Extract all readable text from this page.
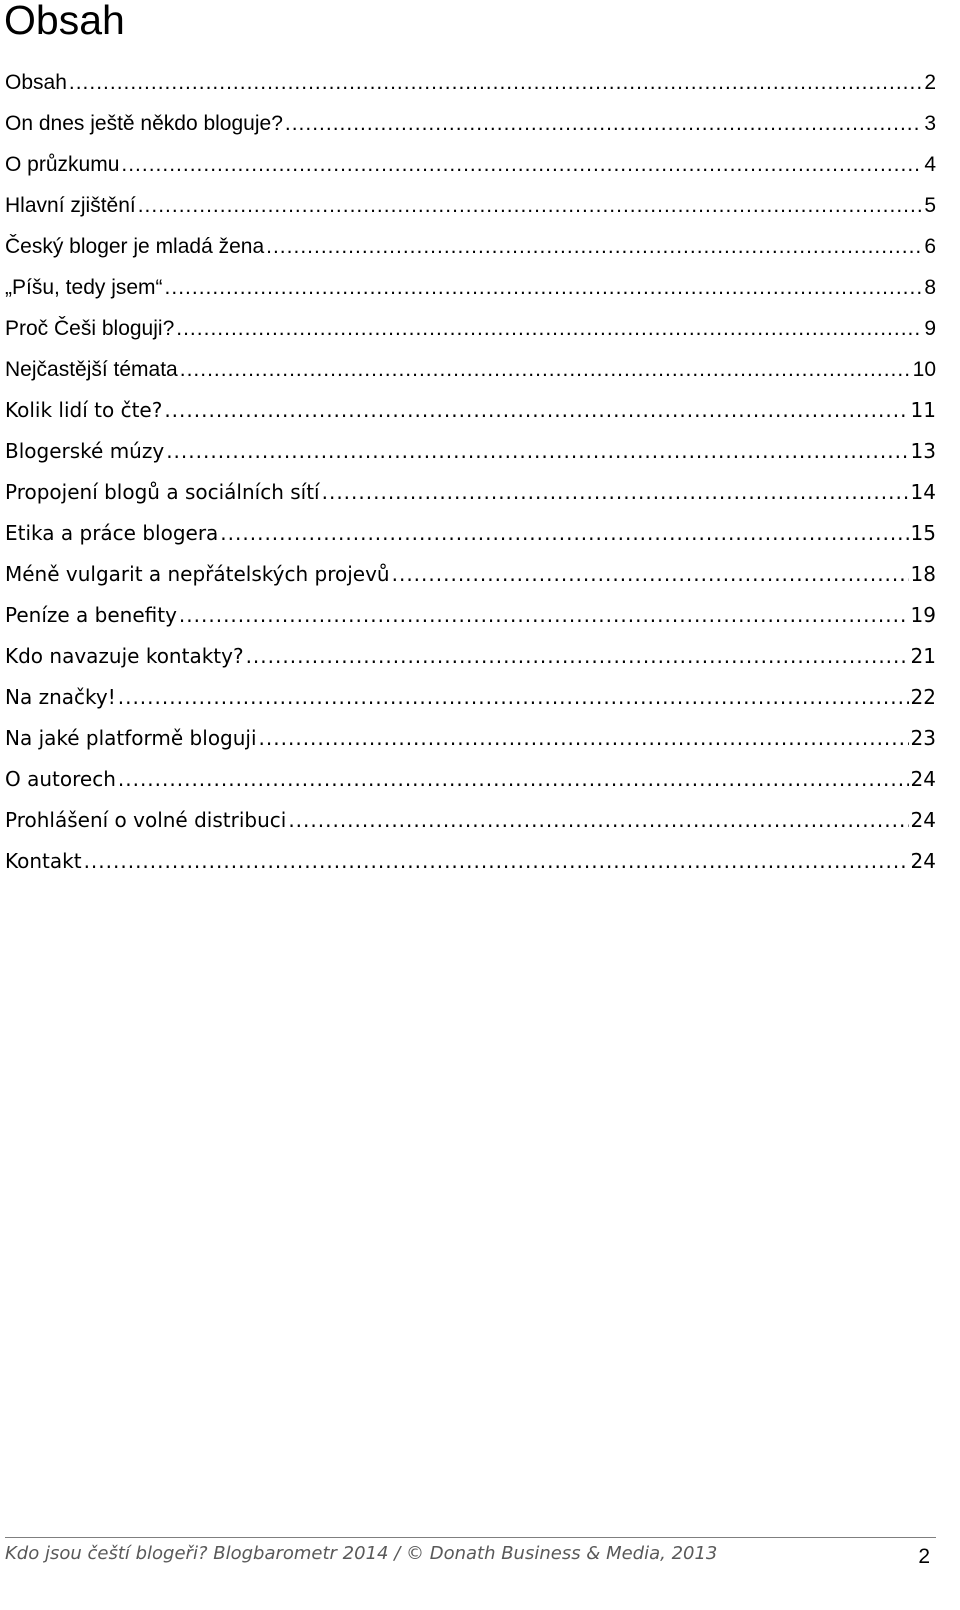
Obsah
Obsah .....	2
On dnes ještě někdo bloguje? .....	3
O průzkumu .....	4
Hlavní zjištění .....	5
Český bloger je mladá žena .....	6
„Píšu, tedy jsem“ .....	8
Proč Češi bloguji? .....	9
Nejčastější témata .....	10
Kolik lidí to čte? .....	11
Blogerské múzy .....	13
Propojení blogů a sociálních sítí .....	14
Etika a práce blogera .....	15
Méně vulgarit a nepřátelských projevů .....	18
Peníze a benefity .....	19
Kdo navazuje kontakty? .....	21
Na značky! .....	22
Na jaké platformě bloguji .....	23
O autorech .....	24
Prohlášení o volné distribuci .....	24
Kontakt .....	24
Kdo jsou čeští blogeři? Blogbarometr 2014 / © Donath Business & Media, 2013	2
